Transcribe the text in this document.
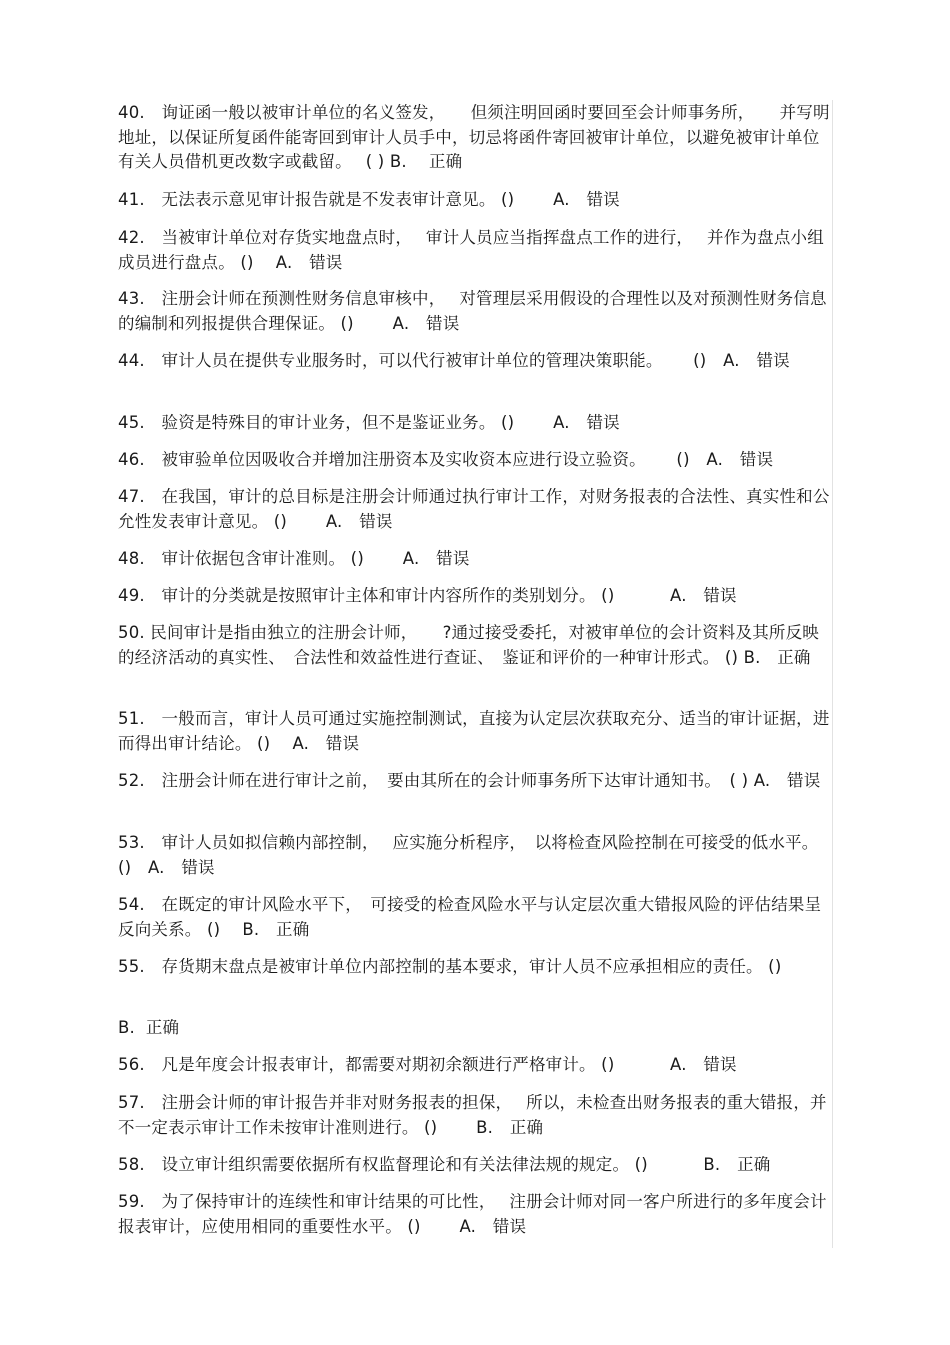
40.　询证函一般以被审计单位的名义签发，　　但须注明回函时要回至会计师事务所，　　并写明地址，以保证所复函件能寄回到审计人员手中，切忌将函件寄回被审计单位，以避免被审计单位有关人员借机更改数字或截留。　 ( ) B.　 正确
41.　无法表示意见审计报告就是不发表审计意见。 ()　　 A.　错误
42.　当被审计单位对存货实地盘点时，　 审计人员应当指挥盘点工作的进行，　 并作为盘点小组成员进行盘点。 ()　 A.　错误
43.　注册会计师在预测性财务信息审核中，　 对管理层采用假设的合理性以及对预测性财务信息的编制和列报提供合理保证。 ()　　 A.　错误
44.　审计人员在提供专业服务时，可以代行被审计单位的管理决策职能。　　 ()　A.　错误
45.　验资是特殊目的审计业务，但不是鉴证业务。 ()　　 A.　错误
46.　被审验单位因吸收合并增加注册资本及实收资本应进行设立验资。　　 ()　A.　错误
47.　在我国，审计的总目标是注册会计师通过执行审计工作，对财务报表的合法性、真实性和公允性发表审计意见。 ()　　 A.　错误
48.　审计依据包含审计准则。 ()　　 A.　错误
49.　审计的分类就是按照审计主体和审计内容所作的类别划分。 ()　　　 A.　错误
50. 民间审计是指由独立的注册会计师，　　?通过接受委托，对被审单位的会计资料及其所反映的经济活动的真实性、　合法性和效益性进行查证、　鉴证和评价的一种审计形式。 () B.　正确
51.　一般而言，审计人员可通过实施控制测试，直接为认定层次获取充分、适当的审计证据，进而得出审计结论。 ()　 A.　错误
52.　注册会计师在进行审计之前，　要由其所在的会计师事务所下达审计通知书。　( ) A.　错误
53.　审计人员如拟信赖内部控制，　 应实施分析程序，　以将检查风险控制在可接受的低水平。 ()　A.　错误
54.　在既定的审计风险水平下，　可接受的检查风险水平与认定层次重大错报风险的评估结果呈反向关系。 ()　 B.　正确
55.　存货期末盘点是被审计单位内部控制的基本要求，审计人员不应承担相应的责任。 ()
B.  正确
56.　凡是年度会计报表审计，都需要对期初余额进行严格审计。 ()　　　 A.　错误
57.　注册会计师的审计报告并非对财务报表的担保，　 所以，未检查出财务报表的重大错报，并不一定表示审计工作未按审计准则进行。 ()　　 B.　正确
58.　设立审计组织需要依据所有权监督理论和有关法律法规的规定。 ()　　　 B.　正确
59.　为了保持审计的连续性和审计结果的可比性，　 注册会计师对同一客户所进行的多年度会计报表审计，应使用相同的重要性水平。 ()　　 A.　错误
